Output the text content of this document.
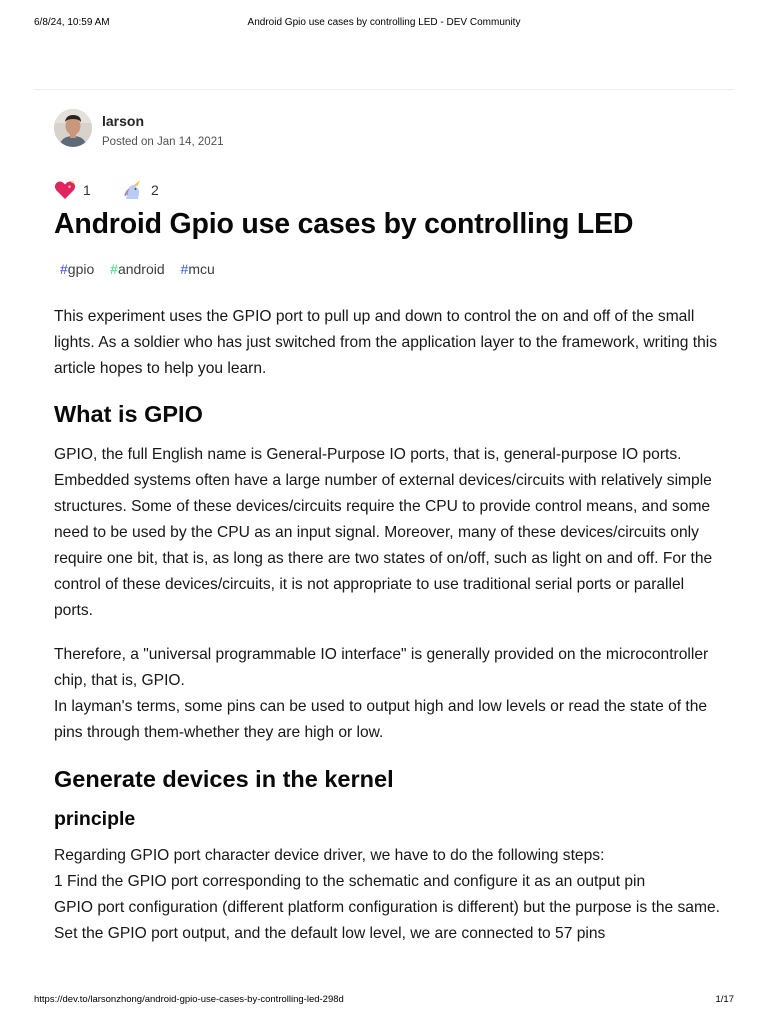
6/8/24, 10:59 AM	Android Gpio use cases by controlling LED - DEV Community
larson
Posted on Jan 14, 2021
1	2
Android Gpio use cases by controlling LED
#gpio #android #mcu

This experiment uses the GPIO port to pull up and down to control the on and off of the small lights. As a soldier who has just switched from the application layer to the framework, writing this article hopes to help you learn.

What is GPIO

GPIO, the full English name is General-Purpose IO ports, that is, general-purpose IO ports. Embedded systems often have a large number of external devices/circuits with relatively simple structures. Some of these devices/circuits require the CPU to provide control means, and some need to be used by the CPU as an input signal. Moreover, many of these devices/circuits only require one bit, that is, as long as there are two states of on/off, such as light on and off. For the control of these devices/circuits, it is not appropriate to use traditional serial ports or parallel ports.

Therefore, a "universal programmable IO interface" is generally provided on the microcontroller chip, that is, GPIO.

In layman's terms, some pins can be used to output high and low levels or read the state of the pins through them-whether they are high or low.

Generate devices in the kernel
principle

Regarding GPIO port character device driver, we have to do the following steps:

1 Find the GPIO port corresponding to the schematic and configure it as an output pin

GPIO port configuration (different platform configuration is different) but the purpose is the same. Set the GPIO port output, and the default low level, we are connected to 57 pins

https://dev.to/larsonzhong/android-gpio-use-cases-by-controlling-led-298d	1/17
